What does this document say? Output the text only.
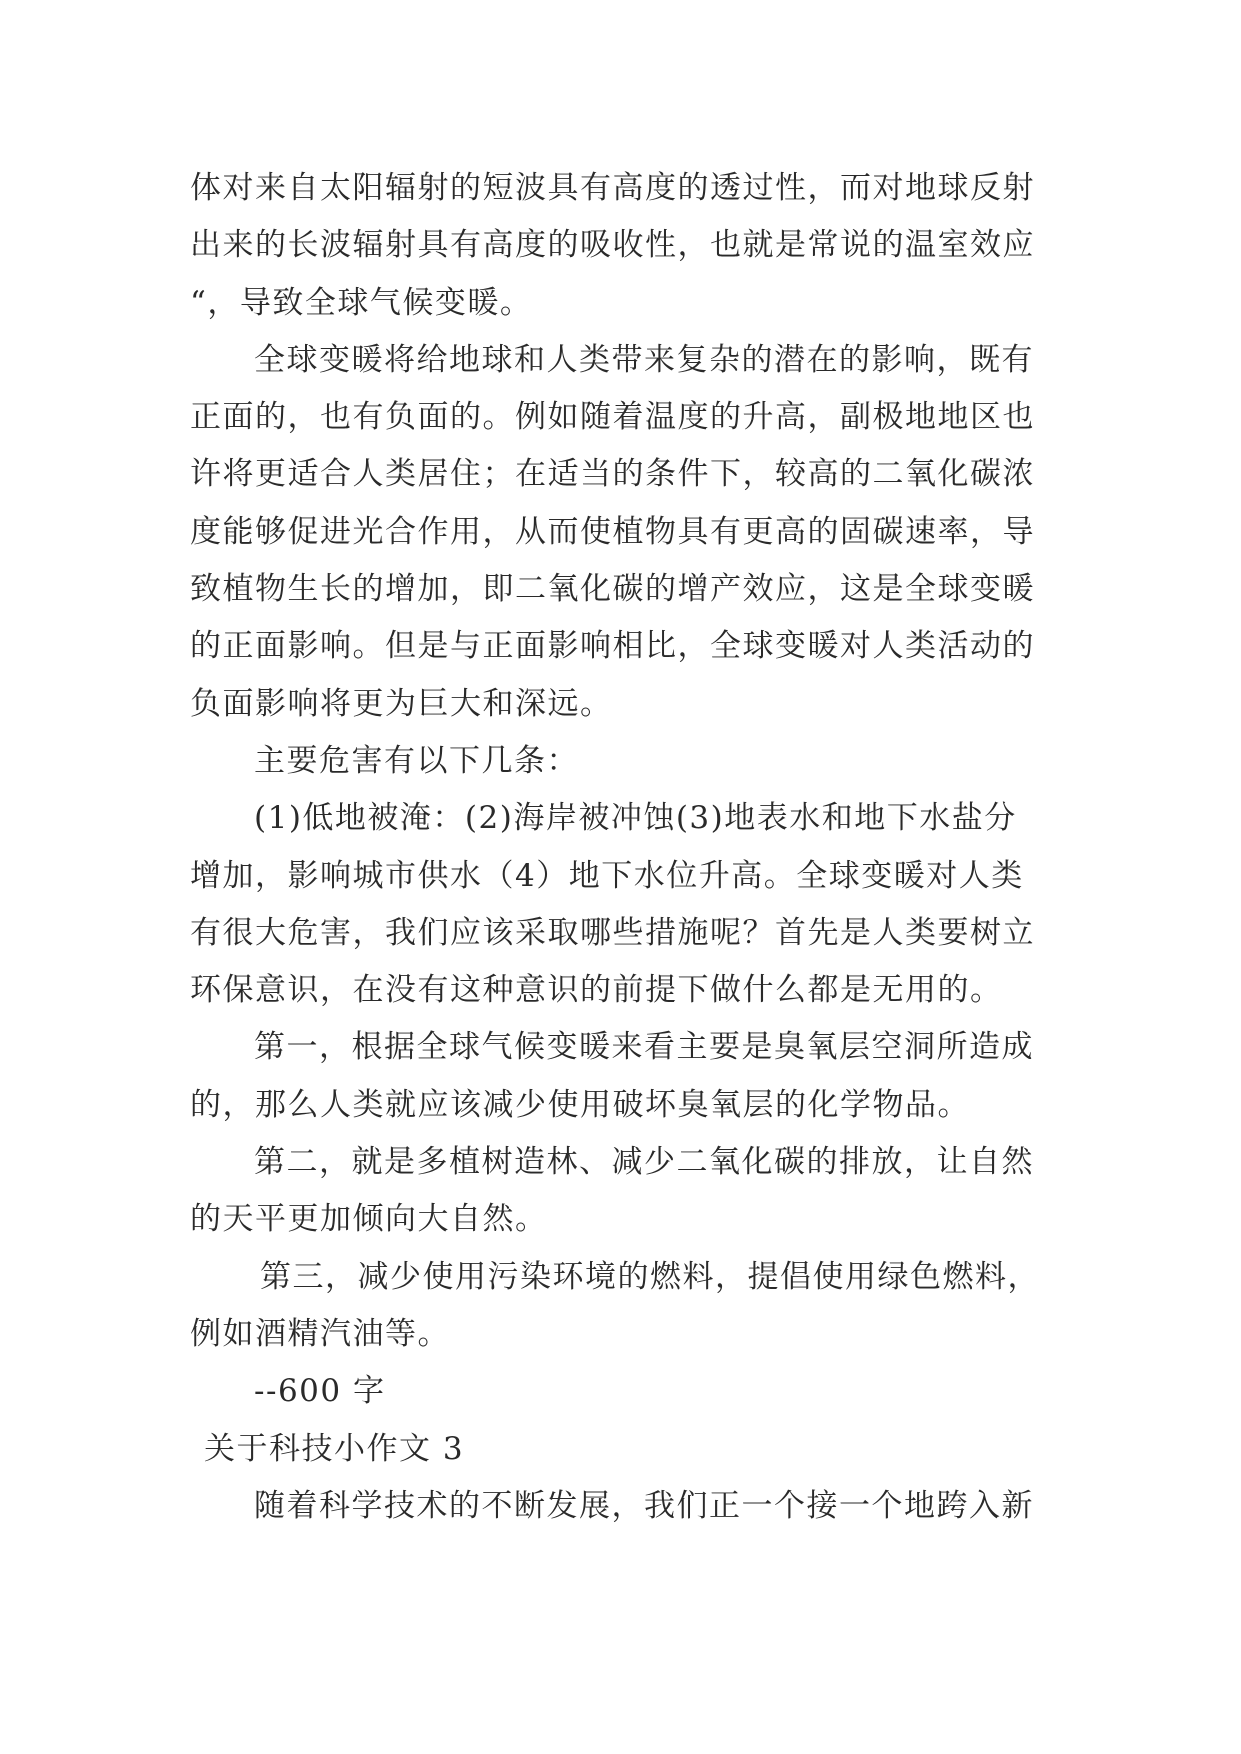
体对来自太阳辐射的短波具有高度的透过性，而对地球反射
出来的长波辐射具有高度的吸收性，也就是常说的温室效应
“，导致全球气候变暖。
全球变暖将给地球和人类带来复杂的潜在的影响，既有
正面的，也有负面的。例如随着温度的升高，副极地地区也
许将更适合人类居住；在适当的条件下，较高的二氧化碳浓
度能够促进光合作用，从而使植物具有更高的固碳速率，导
致植物生长的增加，即二氧化碳的增产效应，这是全球变暖
的正面影响。但是与正面影响相比，全球变暖对人类活动的
负面影响将更为巨大和深远。
主要危害有以下几条：
(1)低地被淹：(2)海岸被冲蚀(3)地表水和地下水盐分
增加，影响城市供水（4）地下水位升高。全球变暖对人类
有很大危害，我们应该采取哪些措施呢？首先是人类要树立
环保意识，在没有这种意识的前提下做什么都是无用的。
第一，根据全球气候变暖来看主要是臭氧层空洞所造成
的，那么人类就应该减少使用破坏臭氧层的化学物品。
第二，就是多植树造林、减少二氧化碳的排放，让自然
的天平更加倾向大自然。
第三，减少使用污染环境的燃料，提倡使用绿色燃料，
例如酒精汽油等。
--600 字
关于科技小作文 3
随着科学技术的不断发展，我们正一个接一个地跨入新
